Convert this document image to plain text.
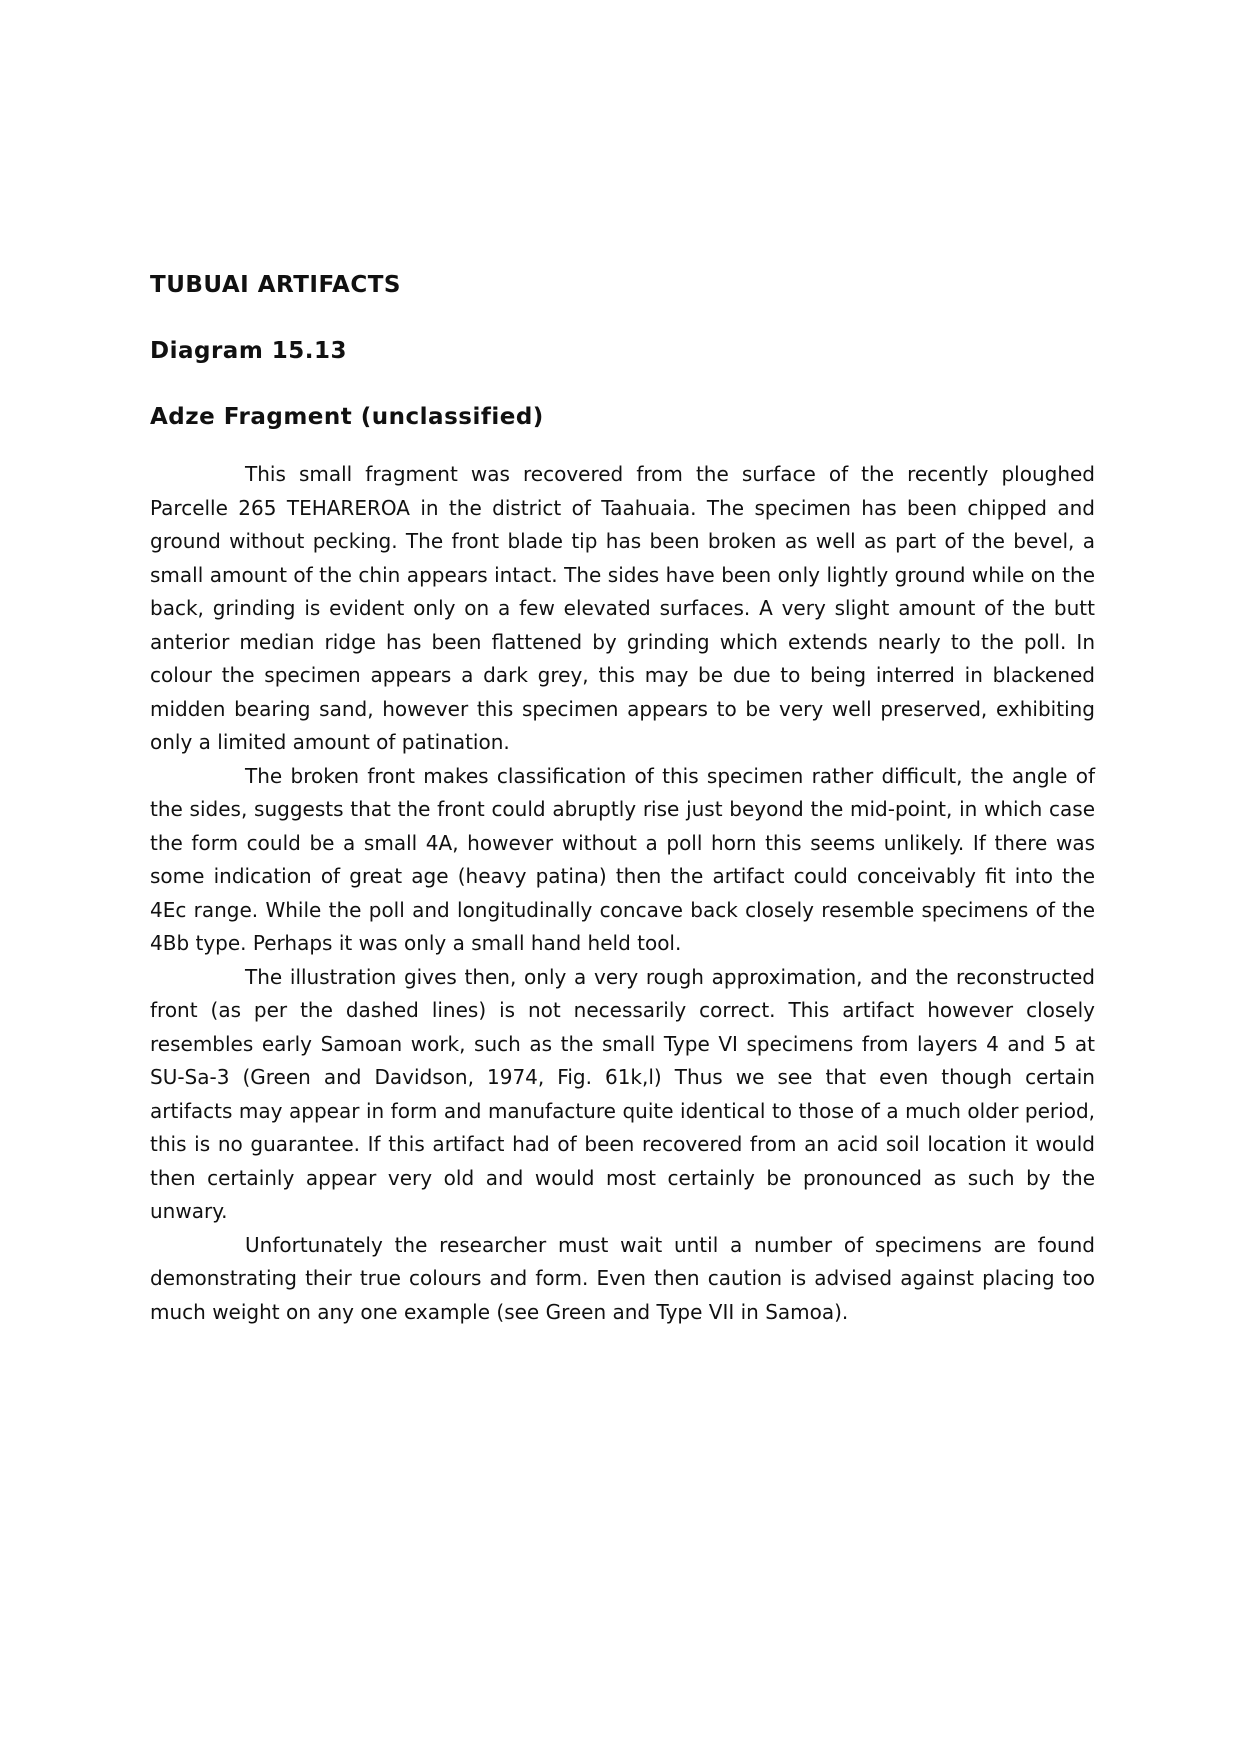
TUBUAI ARTIFACTS
Diagram 15.13
Adze Fragment (unclassified)

This small fragment was recovered from the surface of the recently ploughed Parcelle 265 TEHAREROA in the district of Taahuaia. The specimen has been chipped and ground without pecking. The front blade tip has been broken as well as part of the bevel, a small amount of the chin appears intact. The sides have been only lightly ground while on the back, grinding is evident only on a few elevated surfaces. A very slight amount of the butt anterior median ridge has been flattened by grinding which extends nearly to the poll. In colour the specimen appears a dark grey, this may be due to being interred in blackened midden bearing sand, however this specimen appears to be very well preserved, exhibiting only a limited amount of patination.

The broken front makes classification of this specimen rather difficult, the angle of the sides, suggests that the front could abruptly rise just beyond the mid-point, in which case the form could be a small 4A, however without a poll horn this seems unlikely. If there was some indication of great age (heavy patina) then the artifact could conceivably fit into the 4Ec range. While the poll and longitudinally concave back closely resemble specimens of the 4Bb type. Perhaps it was only a small hand held tool.

The illustration gives then, only a very rough approximation, and the reconstructed front (as per the dashed lines) is not necessarily correct. This artifact however closely resembles early Samoan work, such as the small Type VI specimens from layers 4 and 5 at SU-Sa-3 (Green and Davidson, 1974, Fig. 61k,l) Thus we see that even though certain artifacts may appear in form and manufacture quite identical to those of a much older period, this is no guarantee. If this artifact had of been recovered from an acid soil location it would then certainly appear very old and would most certainly be pronounced as such by the unwary.

Unfortunately the researcher must wait until a number of specimens are found demonstrating their true colours and form. Even then caution is advised against placing too much weight on any one example (see Green and Type VII in Samoa).
